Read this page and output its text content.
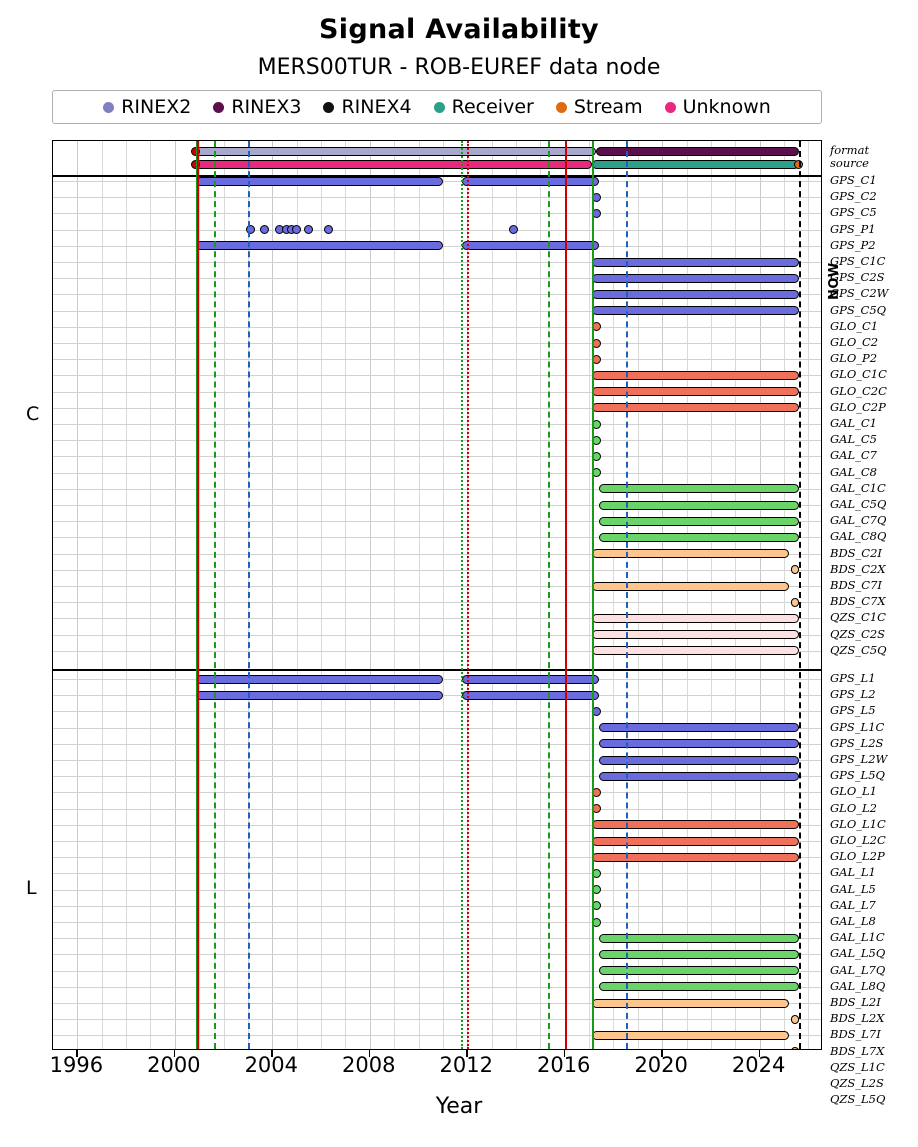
Signal Availability
MERS00TUR - ROB-EUREF data node
RINEX2 RINEX3 RINEX4 Receiver Stream Unknown
format
source
GPS_C1
GPS_C2
GPS_C5
GPS_P1
GPS_P2
GPS_C1C
GPS_C2S
GPS_C2W
GPS_C5Q
GLO_C1
GLO_C2
GLO_P2
GLO_C1C
GLO_C2C
GLO_C2P
GAL_C1
GAL_C5
GAL_C7
GAL_C8
GAL_C1C
GAL_C5Q
GAL_C7Q
GAL_C8Q
BDS_C2I
BDS_C2X
BDS_C7I
BDS_C7X
QZS_C1C
QZS_C2S
QZS_C5Q
GPS_L1
GPS_L2
GPS_L5
GPS_L1C
GPS_L2S
GPS_L2W
GPS_L5Q
GLO_L1
GLO_L2
GLO_L1C
GLO_L2C
GLO_L2P
GAL_L1
GAL_L5
GAL_L7
GAL_L8
GAL_L1C
GAL_L5Q
GAL_L7Q
GAL_L8Q
BDS_L2I
BDS_L2X
BDS_L7I
BDS_L7X
QZS_L1C
QZS_L2S
QZS_L5Q
1996 2000 2004 2008 2012 2016 2020 2024
Year
C
L
NOW
